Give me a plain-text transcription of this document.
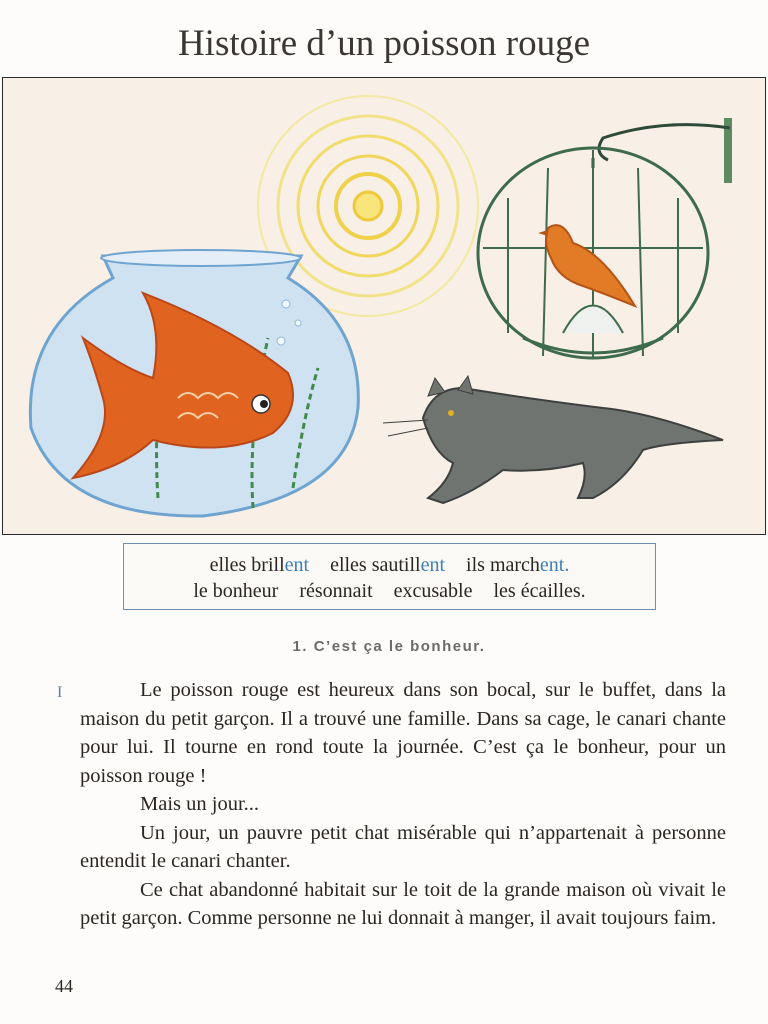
Histoire d’un poisson rouge
elles brillent elles sautillent ils marchent.
le bonheur résonnait excusable les écailles.
1. C’est ça le bonheur.
I	Le poisson rouge est heureux dans son bocal, sur le buffet, dans la maison du petit garçon. Il a trouvé une famille. Dans sa cage, le canari chante pour lui. Il tourne en rond toute la journée. C’est ça le bonheur, pour un poisson rouge !

Mais un jour...

Un jour, un pauvre petit chat misérable qui n’appartenait à personne entendit le canari chanter.

Ce chat abandonné habitait sur le toit de la grande maison où vivait le petit garçon. Comme personne ne lui donnait à manger, il avait toujours faim.

44
